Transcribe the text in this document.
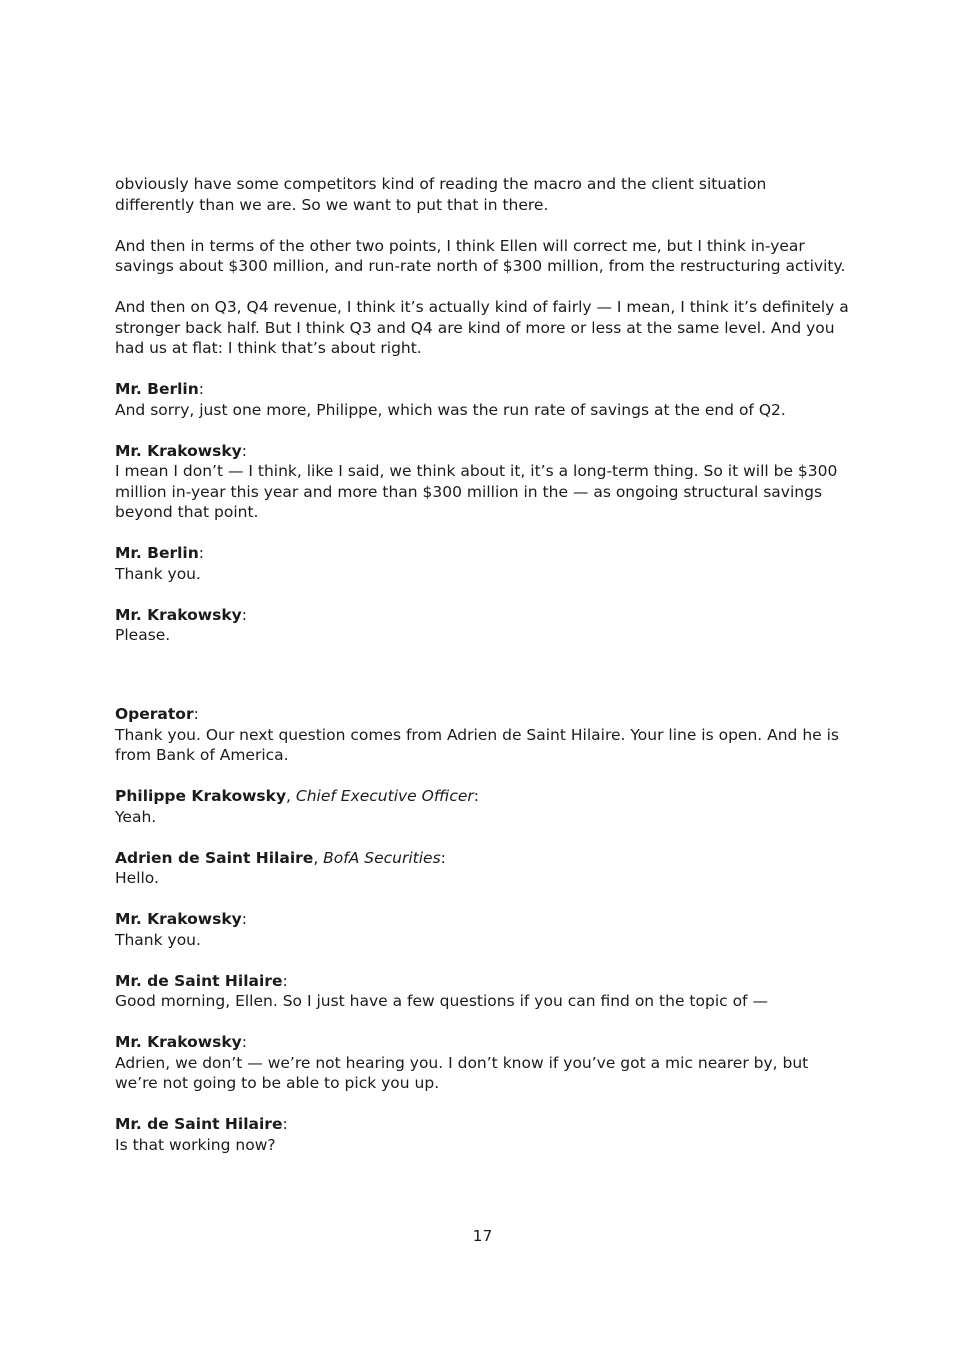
obviously have some competitors kind of reading the macro and the client situation differently than we are. So we want to put that in there.
And then in terms of the other two points, I think Ellen will correct me, but I think in-year savings about $300 million, and run-rate north of $300 million, from the restructuring activity.
And then on Q3, Q4 revenue, I think it’s actually kind of fairly — I mean, I think it’s definitely a stronger back half. But I think Q3 and Q4 are kind of more or less at the same level. And you had us at flat: I think that’s about right.
Mr. Berlin:
And sorry, just one more, Philippe, which was the run rate of savings at the end of Q2.
Mr. Krakowsky:
I mean I don’t — I think, like I said, we think about it, it’s a long-term thing. So it will be $300 million in-year this year and more than $300 million in the — as ongoing structural savings beyond that point.
Mr. Berlin:
Thank you.
Mr. Krakowsky:
Please.
Operator:
Thank you. Our next question comes from Adrien de Saint Hilaire. Your line is open. And he is from Bank of America.
Philippe Krakowsky, Chief Executive Officer:
Yeah.
Adrien de Saint Hilaire, BofA Securities:
Hello.
Mr. Krakowsky:
Thank you.
Mr. de Saint Hilaire:
Good morning, Ellen. So I just have a few questions if you can find on the topic of —
Mr. Krakowsky:
Adrien, we don’t — we’re not hearing you. I don’t know if you’ve got a mic nearer by, but we’re not going to be able to pick you up.
Mr. de Saint Hilaire:
Is that working now?
17
